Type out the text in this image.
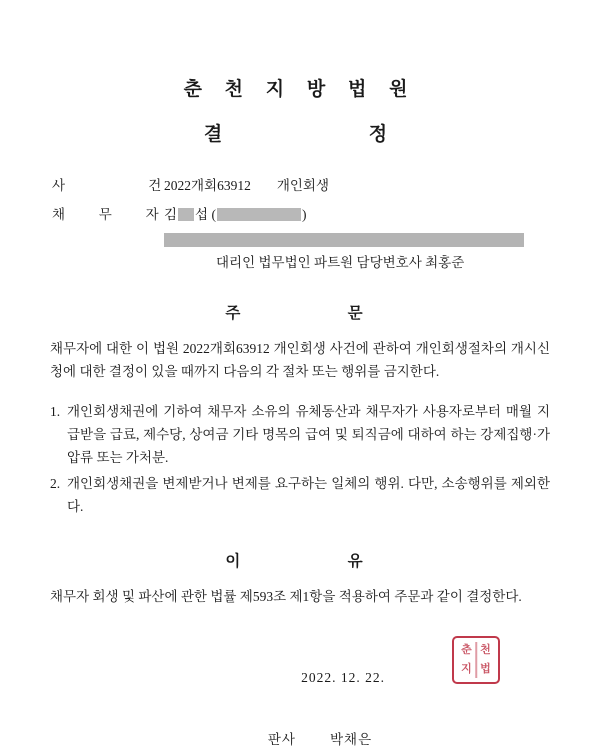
춘 천 지 방 법 원
결          정
사      건
2022개회63912 개인회생
채  무  자
김 섭 (	)
대리인 법무법인 파트원 담당변호사 최홍준
주      문

채무자에 대한 이 법원 2022개회63912 개인회생 사건에 관하여 개인회생절차의 개시신청에 대한 결정이 있을 때까지 다음의 각 절차 또는 행위를 금지한다.

1. 개인회생채권에 기하여 채무자 소유의 유체동산과 채무자가 사용자로부터 매월 지급받을 급료, 제수당, 상여금 기타 명목의 급여 및 퇴직금에 대하여 하는 강제집행·가압류 또는 가처분.
2. 개인회생채권을 변제받거나 변제를 요구하는 일체의 행위. 다만, 소송행위를 제외한다.
이      유

채무자 회생 및 파산에 관한 법률 제593조 제1항을 적용하여 주문과 같이 결정한다.

2022. 12. 22.
판사	박채은
춘 천
지 법
